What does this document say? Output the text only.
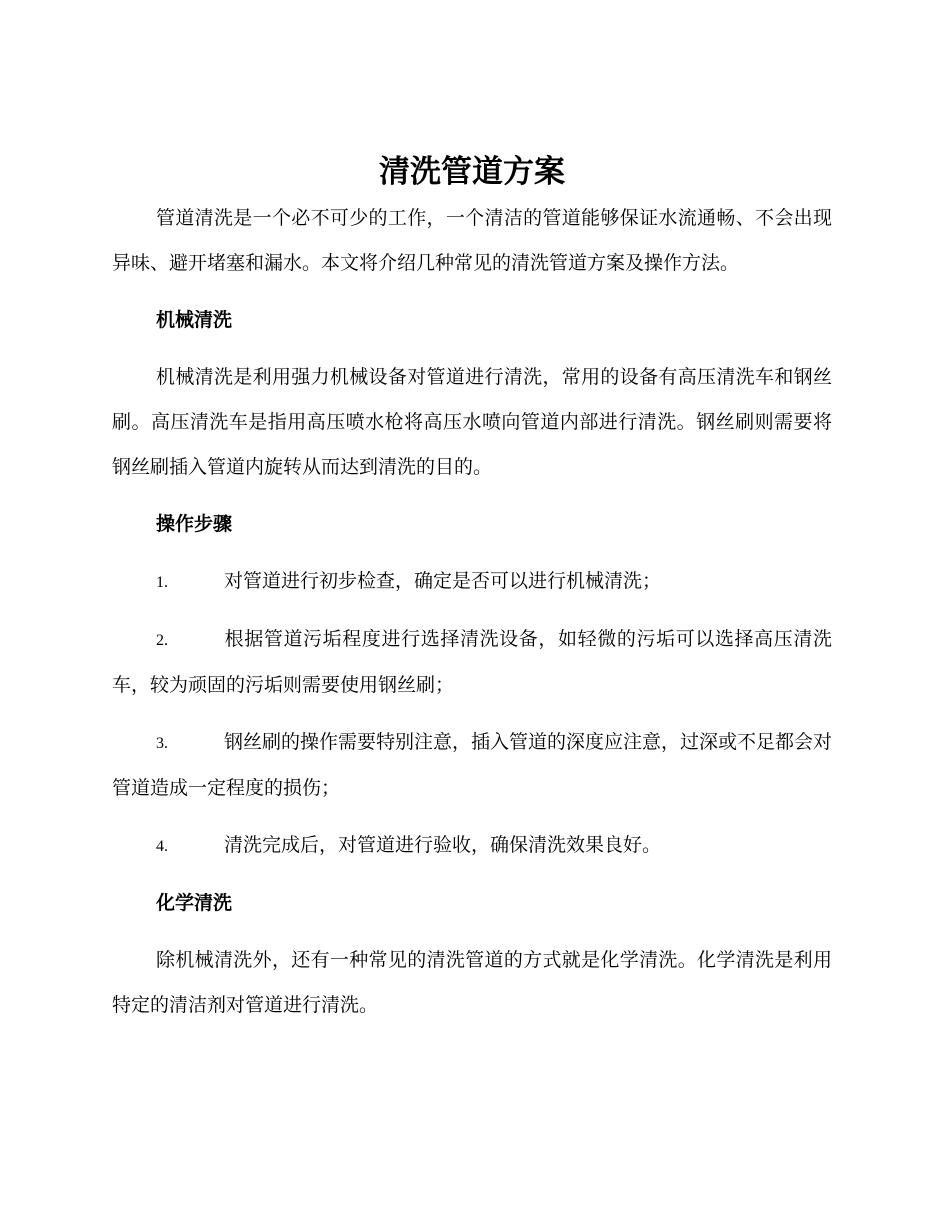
清洗管道方案

管道清洗是一个必不可少的工作，一个清洁的管道能够保证水流通畅、不会出现异味、避开堵塞和漏水。本文将介绍几种常见的清洗管道方案及操作方法。

机械清洗

机械清洗是利用强力机械设备对管道进行清洗，常用的设备有高压清洗车和钢丝刷。高压清洗车是指用高压喷水枪将高压水喷向管道内部进行清洗。钢丝刷则需要将钢丝刷插入管道内旋转从而达到清洗的目的。

操作步骤
1.	对管道进行初步检查，确定是否可以进行机械清洗；
2.	根据管道污垢程度进行选择清洗设备，如轻微的污垢可以选择高压清洗车，较为顽固的污垢则需要使用钢丝刷；
3.	钢丝刷的操作需要特别注意，插入管道的深度应注意，过深或不足都会对管道造成一定程度的损伤；
4.	清洗完成后，对管道进行验收，确保清洗效果良好。
化学清洗

除机械清洗外，还有一种常见的清洗管道的方式就是化学清洗。化学清洗是利用特定的清洁剂对管道进行清洗。
